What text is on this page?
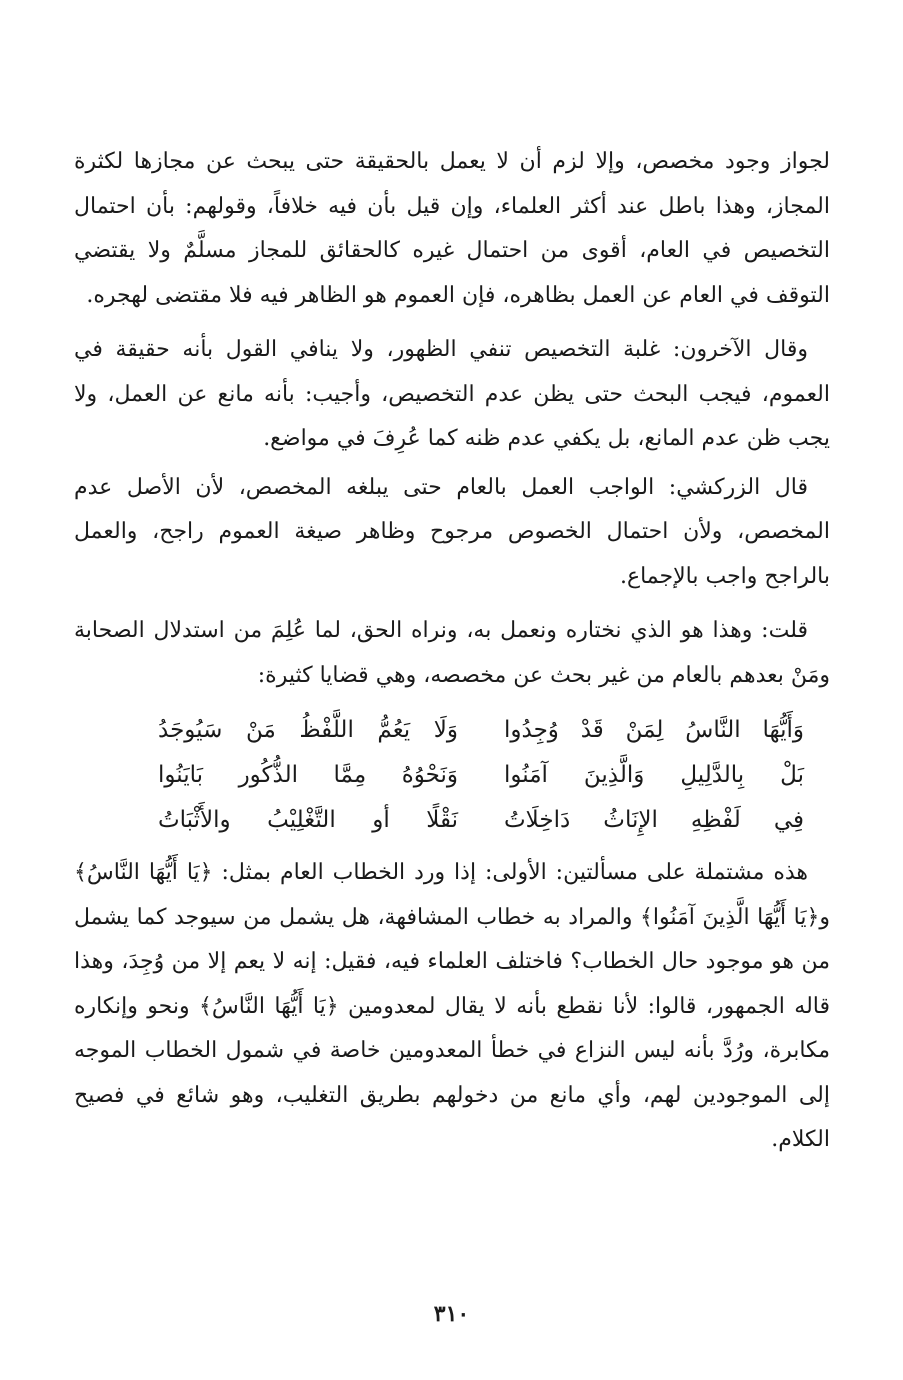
لجواز وجود مخصص، وإلا لزم أن لا يعمل بالحقيقة حتى يبحث عن مجازها لكثرة المجاز، وهذا باطل عند أكثر العلماء، وإن قيل بأن فيه خلافاً، وقولهم: بأن احتمال التخصيص في العام، أقوى من احتمال غيره كالحقائق للمجاز مسلَّمٌ ولا يقتضي التوقف في العام عن العمل بظاهره، فإن العموم هو الظاهر فيه فلا مقتضى لهجره.

وقال الآخرون: غلبة التخصيص تنفي الظهور، ولا ينافي القول بأنه حقيقة في العموم، فيجب البحث حتى يظن عدم التخصيص، وأجيب: بأنه مانع عن العمل، ولا يجب ظن عدم المانع، بل يكفي عدم ظنه كما عُرِفَ في مواضع.

قال الزركشي: الواجب العمل بالعام حتى يبلغه المخصص، لأن الأصل عدم المخصص، ولأن احتمال الخصوص مرجوح وظاهر صيغة العموم راجح، والعمل بالراجح واجب بالإجماع.

قلت: وهذا هو الذي نختاره ونعمل به، ونراه الحق، لما عُلِمَ من استدلال الصحابة ومَنْ بعدهم بالعام من غير بحث عن مخصصه، وهي قضايا كثيرة:

وَأَيُّهَا النَّاسُ لِمَنْ قَدْ وُجِدُوا
وَلَا يَعُمُّ اللَّفْظُ مَنْ سَيُوجَدُ
بَلْ بِالدَّلِيلِ وَالَّذِينَ آمَنُوا
وَنَحْوُهُ مِمَّا الذُّكُور بَايَنُوا
فِي لَفْظِهِ الإِنَاثُ دَاخِلَاتُ
نَقْلًا أو التَّغْلِيْبُ والأَثْبَاتُ

هذه مشتملة على مسألتين: الأولى: إذا ورد الخطاب العام بمثل: ﴿يَا أَيُّهَا النَّاسُ﴾ و﴿يَا أَيُّهَا الَّذِينَ آمَنُوا﴾ والمراد به خطاب المشافهة، هل يشمل من سيوجد كما يشمل من هو موجود حال الخطاب؟ فاختلف العلماء فيه، فقيل: إنه لا يعم إلا من وُجِدَ، وهذا قاله الجمهور، قالوا: لأنا نقطع بأنه لا يقال لمعدومين ﴿يَا أَيُّهَا النَّاسُ﴾ ونحو وإنكاره مكابرة، ورُدَّ بأنه ليس النزاع في خطأ المعدومين خاصة في شمول الخطاب الموجه إلى الموجودين لهم، وأي مانع من دخولهم بطريق التغليب، وهو شائع في فصيح الكلام.

٣١٠
